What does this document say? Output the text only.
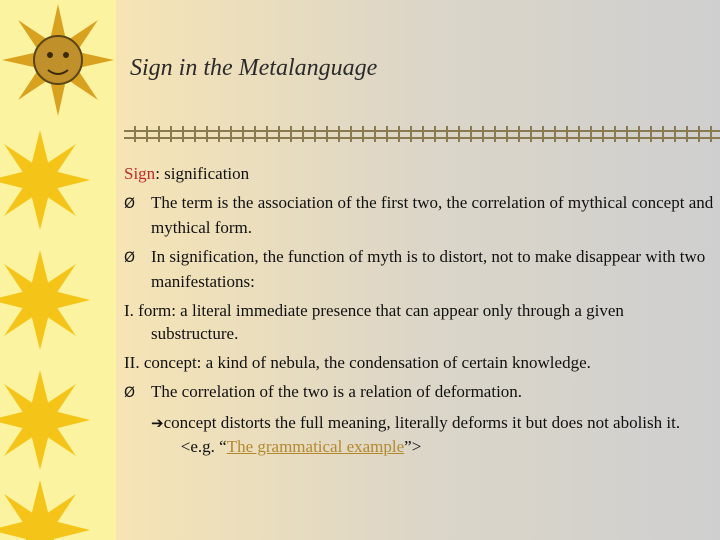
Sign in the Metalanguage

Sign: signification

Ø The term is the association of the first two, the correlation of mythical concept and mythical form.

Ø In signification, the function of myth is to distort, not to make disappear with two manifestations:

I. form: a literal immediate presence that can appear only through a given substructure.

II. concept: a kind of nebula, the condensation of certain knowledge.

Ø The correlation of the two is a relation of deformation.

➔concept distorts the full meaning, literally deforms it but does not abolish it.        <e.g. “The grammatical example”>
